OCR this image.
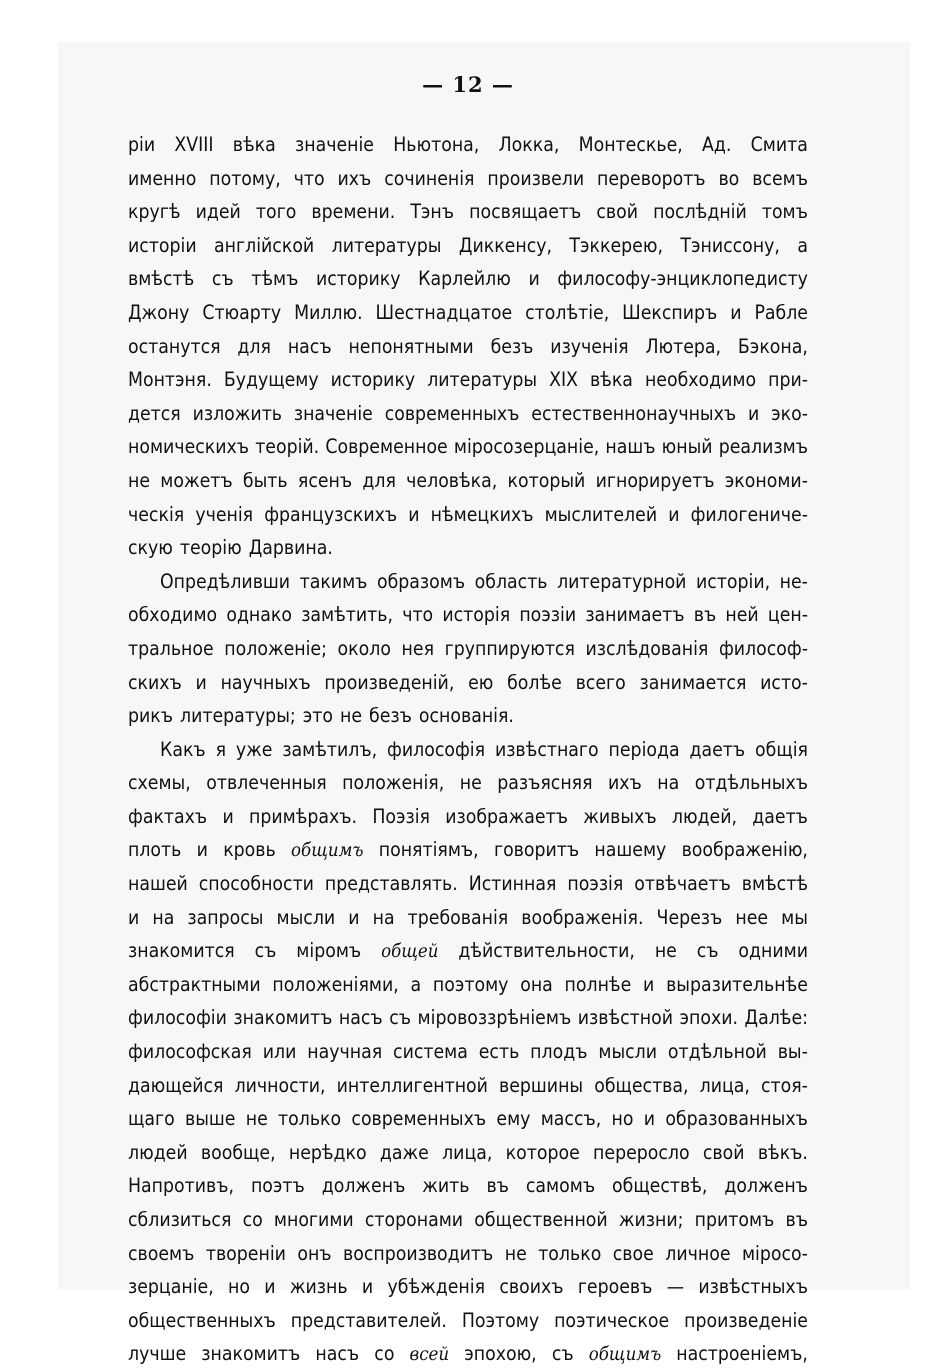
— 12 —
ріи XVIII вѣка значеніе Ньютона, Локка, Монтескье, Ад. Смита
именно потому, что ихъ сочиненія произвели переворотъ во всемъ
кругѣ идей того времени. Тэнъ посвящаетъ свой послѣдній томъ
исторіи англійской литературы Диккенсу, Тэккерею, Тэниссону, а
вмѣстѣ съ тѣмъ историку Карлейлю и философу-энциклопедисту
Джону Стюарту Миллю. Шестнадцатое столѣтіе, Шекспиръ и Рабле
останутся для насъ непонятными безъ изученія Лютера, Бэкона,
Монтэня. Будущему историку литературы XIX вѣка необходимо при-
дется изложить значеніе современныхъ естественнонаучныхъ и эко-
номическихъ теорій. Современное міросозерцаніе, нашъ юный реализмъ
не можетъ быть ясенъ для человѣка, который игнорируетъ экономи-
ческія ученія французскихъ и нѣмецкихъ мыслителей и филогеничe-
скую теорію Дарвина.
Опредѣливши такимъ образомъ область литературной исторіи, не-
обходимо однако замѣтить, что исторія поэзіи занимаетъ въ ней цен-
тральное положеніе; около нея группируются изслѣдованія философ-
скихъ и научныхъ произведеній, ею болѣе всего занимается исто-
рикъ литературы; это не безъ основанія.
Какъ я уже замѣтилъ, философія извѣстнаго періода даетъ общія
схемы, отвлеченныя положенія, не разъясняя ихъ на отдѣльныхъ
фактахъ и примѣрахъ. Поэзія изображаетъ живыхъ людей, даетъ
плоть и кровь общимъ понятіямъ, говоритъ нашему воображенію,
нашей способности представлять. Истинная поэзія отвѣчаетъ вмѣстѣ
и на запросы мысли и на требованія воображенія. Черезъ нее мы
знакомится съ міромъ общей дѣйствительности, не съ одними
абстрактными положеніями, а поэтому она полнѣе и выразительнѣе
философіи знакомитъ насъ съ міровоззрѣніемъ извѣстной эпохи. Далѣе:
философская или научная система есть плодъ мысли отдѣльной вы-
дающейся личности, интеллигентной вершины общества, лица, стоя-
щаго выше не только современныхъ ему массъ, но и образованныхъ
людей вообще, нерѣдко даже лица, которое переросло свой вѣкъ.
Напротивъ, поэтъ долженъ жить въ самомъ обществѣ, долженъ
сблизиться со многими сторонами общественной жизни; притомъ въ
своемъ твореніи онъ воспроизводитъ не только свое личное міросо-
зерцаніе, но и жизнь и убѣжденія своихъ героевъ — извѣстныхъ
общественныхъ представителей. Поэтому поэтическое произведеніе
лучше знакомитъ насъ со всей эпохою, съ общимъ настроеніемъ,
